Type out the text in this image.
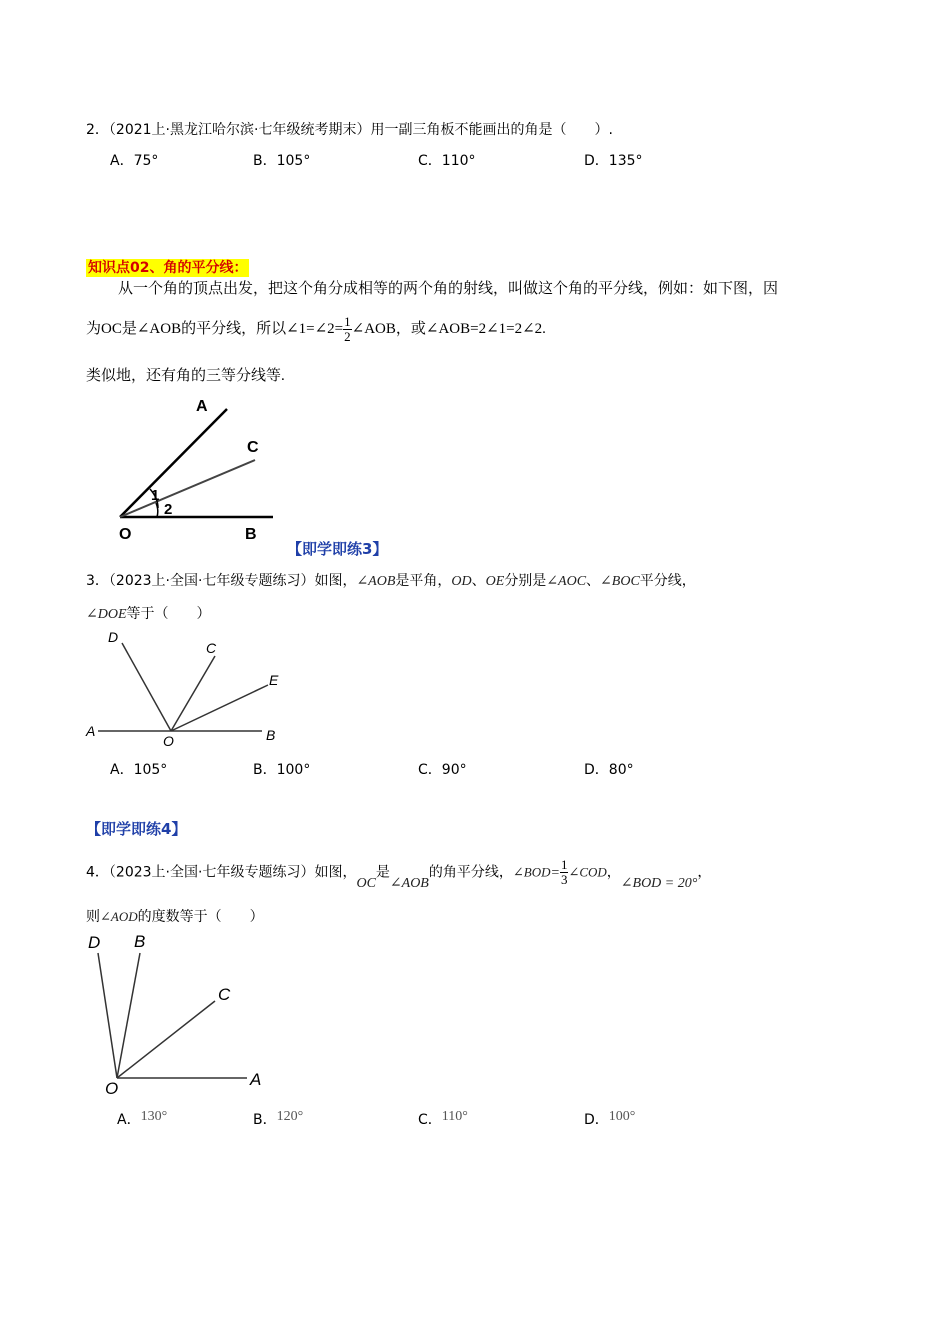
2．（2021上·黑龙江哈尔滨·七年级统考期末）用一副三角板不能画出的角是（　　）.
A．75°	B．105°	C．110°	D．135°
知识点02、角的平分线：
从一个角的顶点出发，把这个角分成相等的两个角的射线，叫做这个角的平分线，例如：如下图，因
为OC是∠AOB的平分线，所以∠1=∠2= $\frac{1}{2}$ ∠AOB，或∠AOB=2∠1=2∠2.
类似地，还有角的三等分线等.
A
C
1
2
O	B
【即学即练3】
3．（2023上·全国·七年级专题练习）如图，∠AOB是平角，OD、OE分别是∠AOC、∠BOC平分线，
∠DOE等于（　　）
D
C
E
A
O	B
A．105°	B．100°	C．90°	D．80°
【即学即练4】
4．（2023上·全国·七年级专题练习）如图，OC是∠AOB的角平分线，∠BOD= $\frac{1}{3}$ ∠COD，∠BOD = 20°，
则∠AOD的度数等于（　　）
D B
C
O	A
A．130°	B．120°	C．110°	D．100°
